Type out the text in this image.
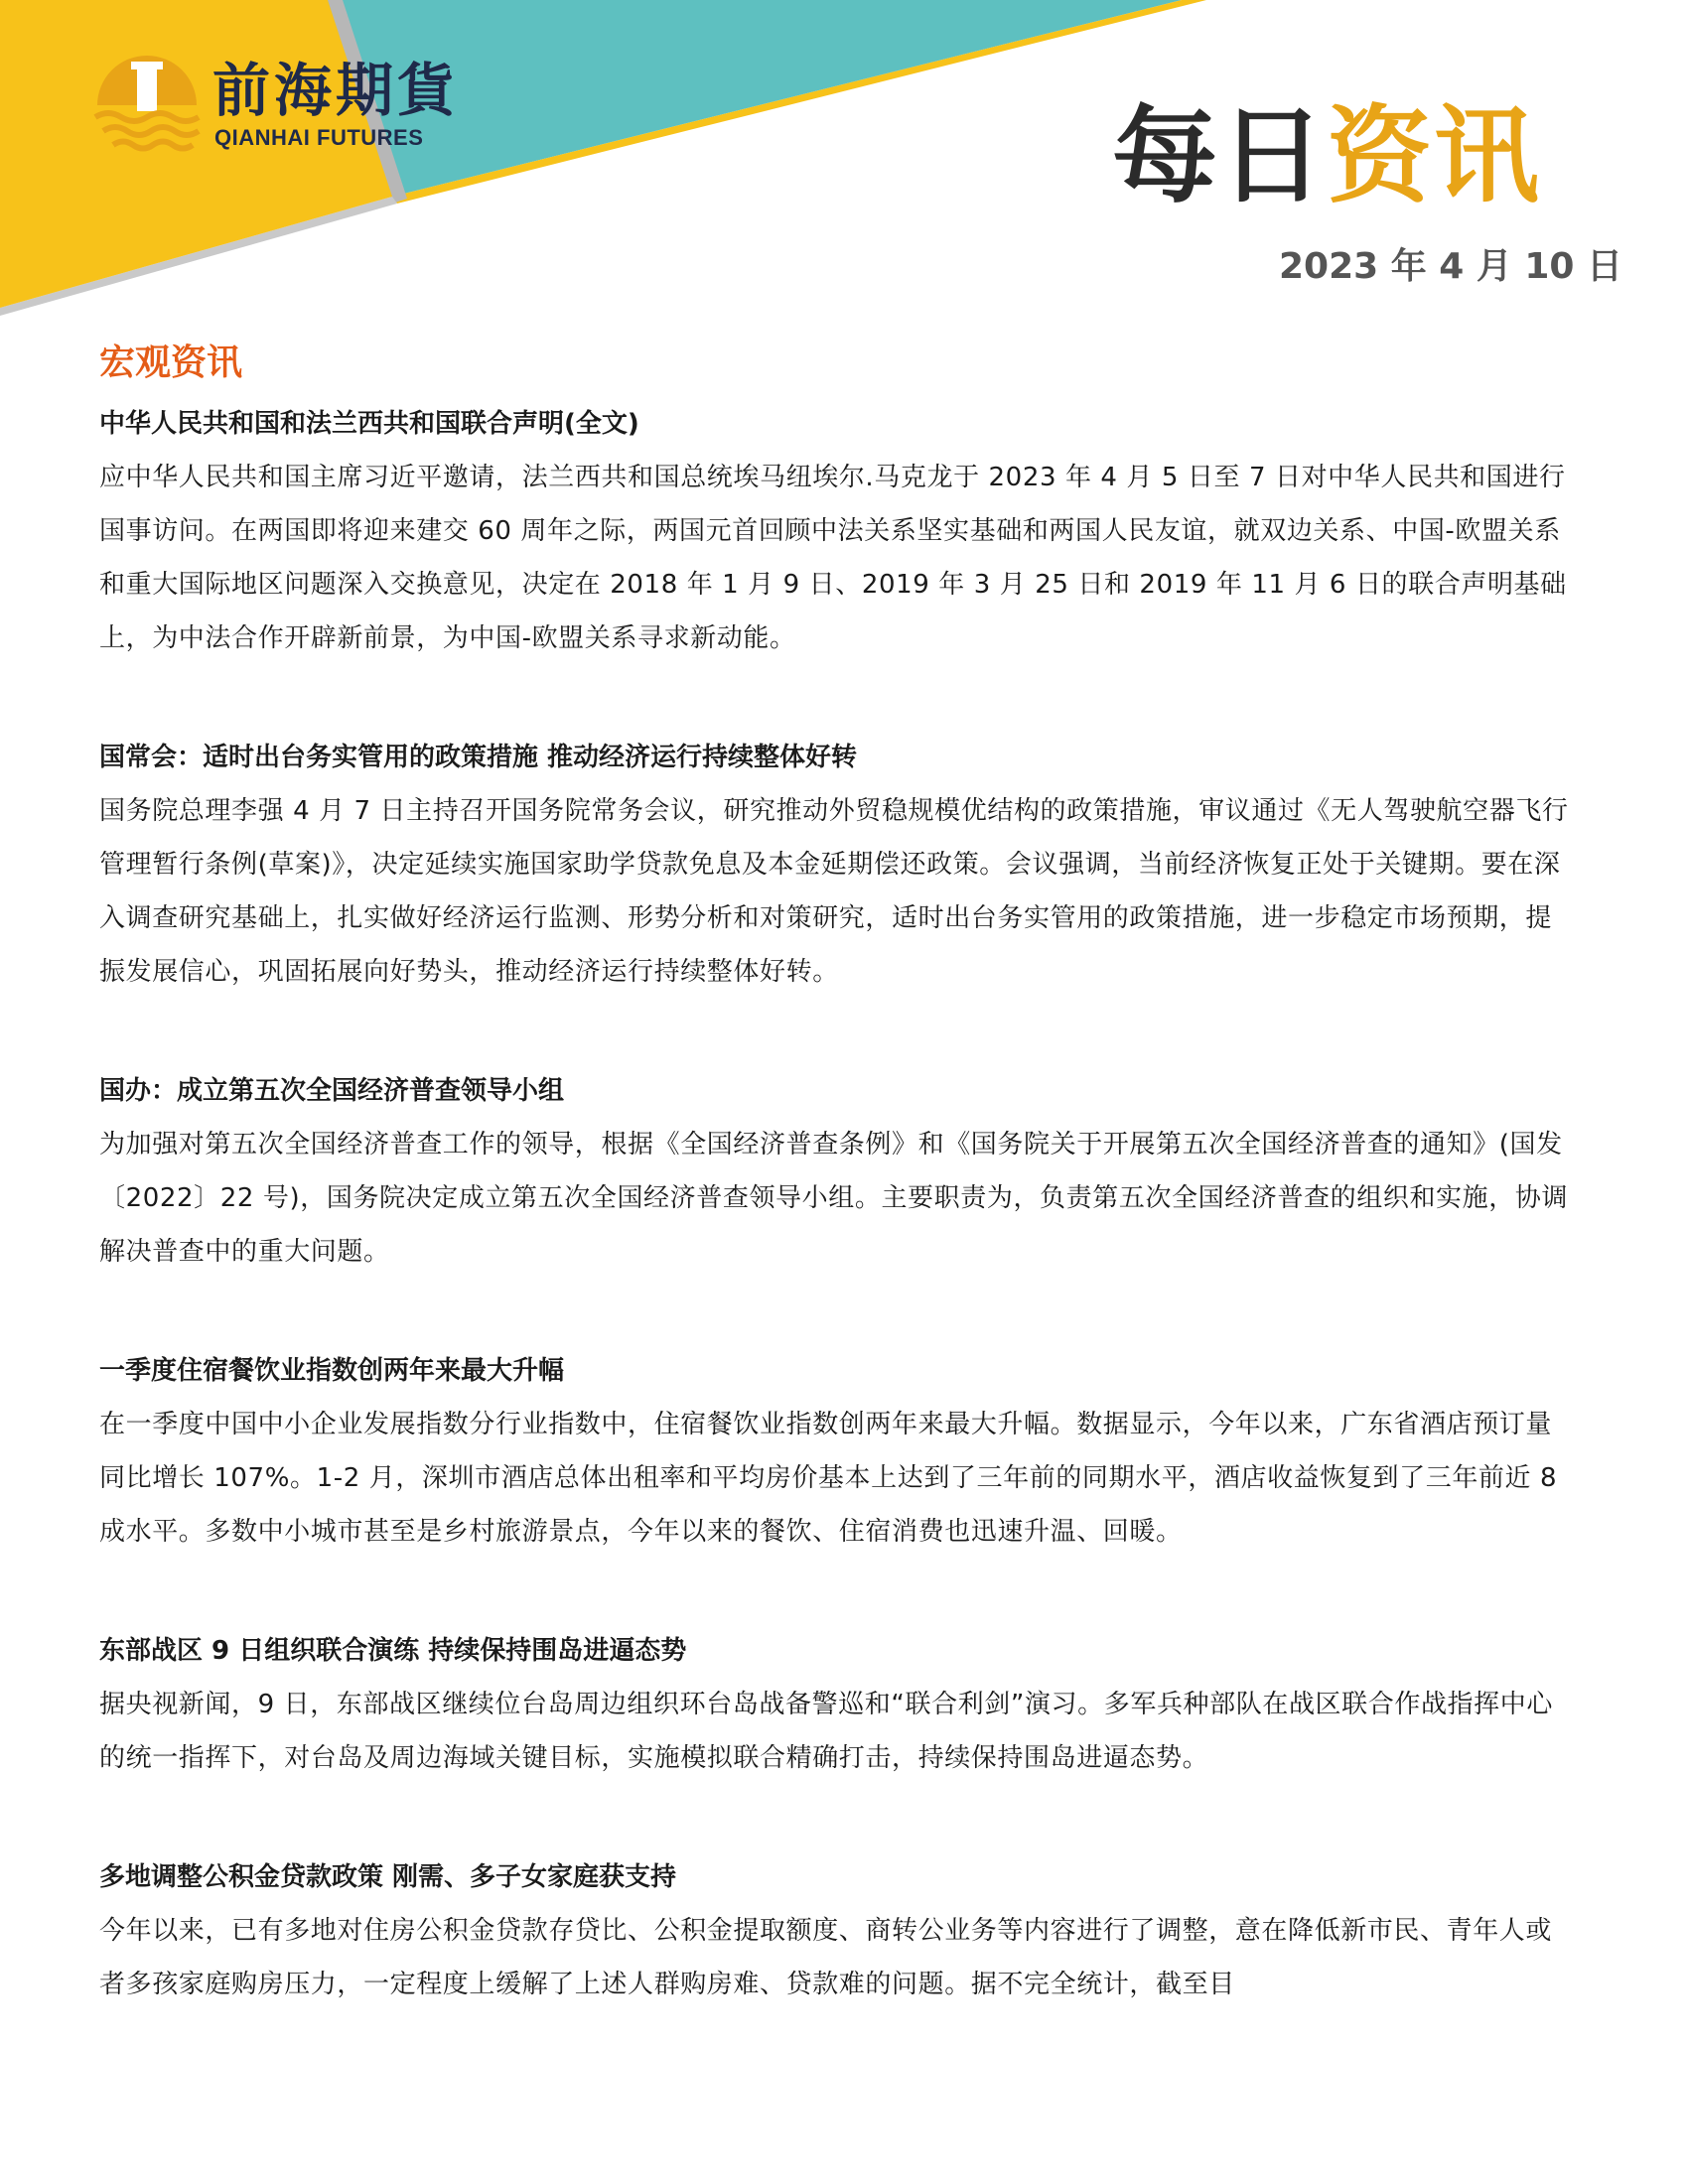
前海期貨
QIANHAI FUTURES	每日资讯
2023 年 4 月 10 日
宏观资讯

中华人民共和国和法兰西共和国联合声明(全文)

应中华人民共和国主席习近平邀请，法兰西共和国总统埃马纽埃尔.马克龙于 2023 年 4 月 5 日至 7 日对中华人民共和国进行国事访问。在两国即将迎来建交 60 周年之际，两国元首回顾中法关系坚实基础和两国人民友谊，就双边关系、中国-欧盟关系和重大国际地区问题深入交换意见，决定在 2018 年 1 月 9 日、2019 年 3 月 25 日和 2019 年 11 月 6 日的联合声明基础上，为中法合作开辟新前景，为中国-欧盟关系寻求新动能。

国常会：适时出台务实管用的政策措施 推动经济运行持续整体好转

国务院总理李强 4 月 7 日主持召开国务院常务会议，研究推动外贸稳规模优结构的政策措施，审议通过《无人驾驶航空器飞行管理暂行条例(草案)》，决定延续实施国家助学贷款免息及本金延期偿还政策。会议强调，当前经济恢复正处于关键期。要在深入调查研究基础上，扎实做好经济运行监测、形势分析和对策研究，适时出台务实管用的政策措施，进一步稳定市场预期，提振发展信心，巩固拓展向好势头，推动经济运行持续整体好转。

国办：成立第五次全国经济普查领导小组

为加强对第五次全国经济普查工作的领导，根据《全国经济普查条例》和《国务院关于开展第五次全国经济普查的通知》(国发〔2022〕22 号)，国务院决定成立第五次全国经济普查领导小组。主要职责为，负责第五次全国经济普查的组织和实施，协调解决普查中的重大问题。

一季度住宿餐饮业指数创两年来最大升幅

在一季度中国中小企业发展指数分行业指数中，住宿餐饮业指数创两年来最大升幅。数据显示，今年以来，广东省酒店预订量同比增长 107%。1-2 月，深圳市酒店总体出租率和平均房价基本上达到了三年前的同期水平，酒店收益恢复到了三年前近 8 成水平。多数中小城市甚至是乡村旅游景点，今年以来的餐饮、住宿消费也迅速升温、回暖。

东部战区 9 日组织联合演练 持续保持围岛进逼态势

据央视新闻，9 日，东部战区继续位台岛周边组织环台岛战备警巡和“联合利剑”演习。多军兵种部队在战区联合作战指挥中心的统一指挥下，对台岛及周边海域关键目标，实施模拟联合精确打击，持续保持围岛进逼态势。

多地调整公积金贷款政策 刚需、多子女家庭获支持

今年以来，已有多地对住房公积金贷款存贷比、公积金提取额度、商转公业务等内容进行了调整，意在降低新市民、青年人或者多孩家庭购房压力，一定程度上缓解了上述人群购房难、贷款难的问题。据不完全统计，截至目
